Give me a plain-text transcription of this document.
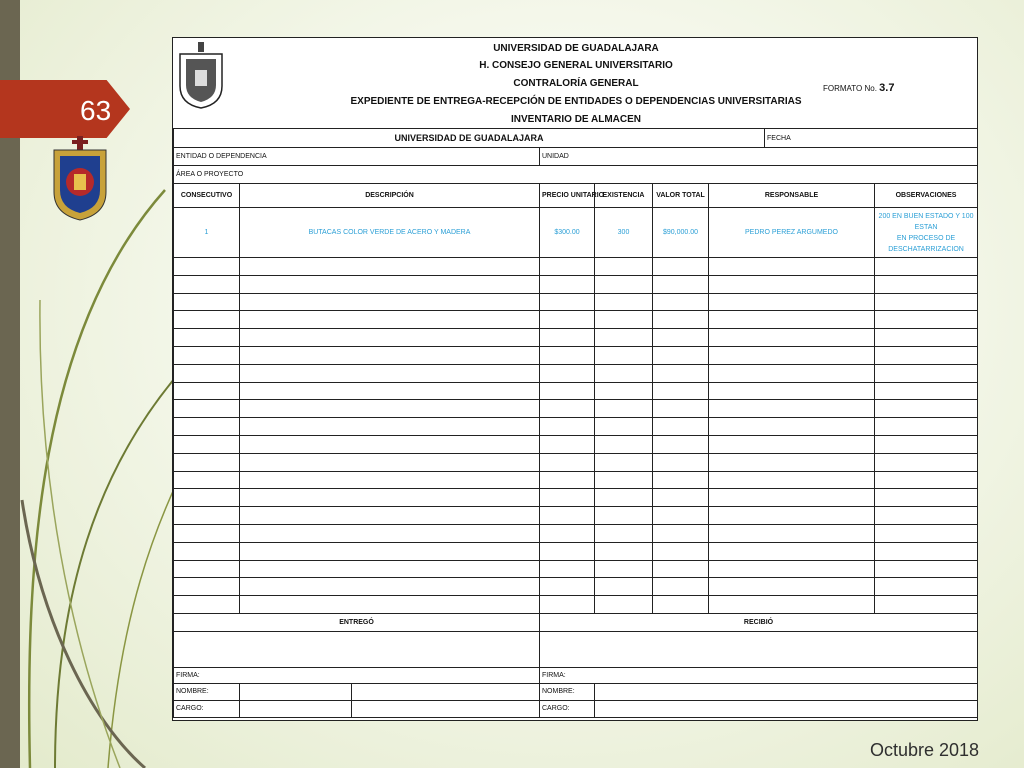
63
Octubre 2018
UNIVERSIDAD DE GUADALAJARA
H. CONSEJO GENERAL UNIVERSITARIO
CONTRALORÍA GENERAL	FORMATO No. 3.7
EXPEDIENTE DE ENTREGA-RECEPCIÓN DE ENTIDADES O DEPENDENCIAS UNIVERSITARIAS
INVENTARIO DE ALMACEN
UNIVERSIDAD DE GUADALAJARA							FECHA	
ENTIDAD O DEPENDENCIA			UNIDAD					
ÁREA O PROYECTO								
CONSECUTIVO	DESCRIPCIÓN		PRECIO UNITARIO	EXISTENCIA	VALOR TOTAL	RESPONSABLE		OBSERVACIONES
1	BUTACAS COLOR VERDE DE ACERO Y MADERA		$300.00	300	$90,000.00	PEDRO PEREZ ARGUMEDO		200 EN BUEN ESTADO Y 100 ESTAN
EN PROCESO DE
DESCHATARRIZACION

ENTREGÓ			RECIBIÓ					

FIRMA:			FIRMA:					
NOMBRE:			NOMBRE:					
CARGO:			CARGO:					
